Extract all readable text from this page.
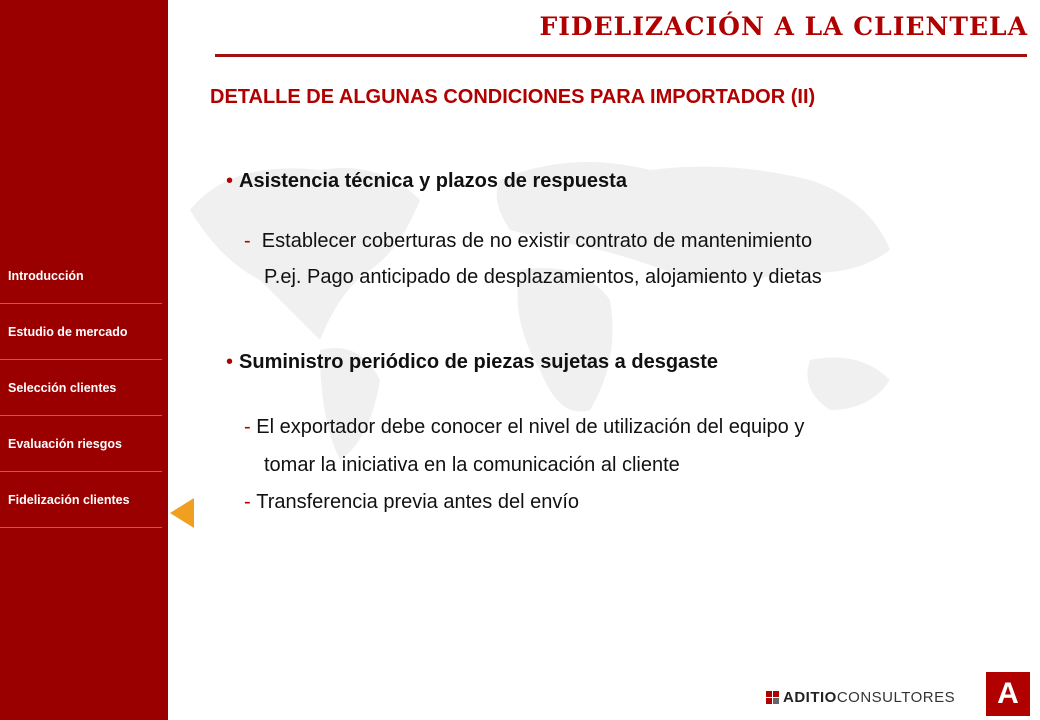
Introducción
Estudio de mercado
Selección clientes
Evaluación riesgos
Fidelización clientes
FIDELIZACIÓN A LA CLIENTELA
DETALLE DE ALGUNAS CONDICIONES PARA IMPORTADOR (II)
• Asistencia técnica y plazos de respuesta
- Establecer coberturas de no existir contrato de mantenimiento
P.ej. Pago anticipado de desplazamientos, alojamiento y dietas
• Suministro periódico de piezas sujetas a desgaste
- El exportador debe conocer el nivel de utilización del equipo y
tomar la iniciativa en la comunicación al cliente
- Transferencia previa antes del envío
ADITIO CONSULTORES	A
